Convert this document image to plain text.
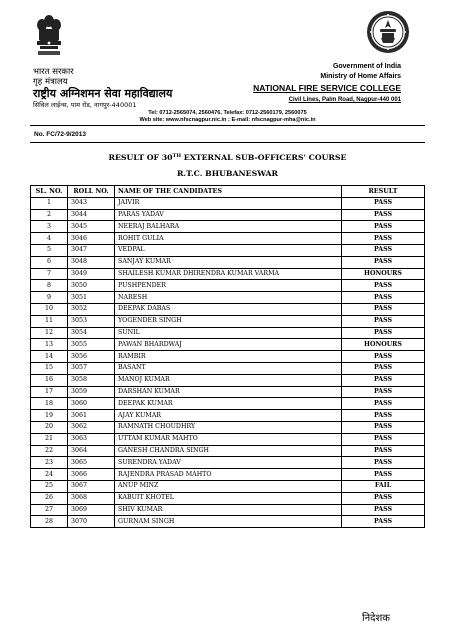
भारत सरकार
गृह मंत्रालय
राष्ट्रीय अग्निशमन सेवा महाविद्यालय
सिविल लाईन्स, पाम रोड, नागपुर-440001
Government of India
Ministry of Home Affairs
NATIONAL FIRE SERVICE COLLEGE
Civil Lines, Palm Road, Nagpur-440 001
Tel: 0712-2565074, 2560476, Telefax: 0712-2560179, 2560075
Web site: www.nfscnagpur.nic.in ; E-mail: nfscnagpur-mha@nic.in
No. FC/72-9/2013
RESULT OF 30TH EXTERNAL SUB-OFFICERS' COURSE
R.T.C. BHUBANESWAR
SL. NO.	ROLL NO.	NAME OF THE CANDIDATES	RESULT
1	3043	JAIVIR	PASS
2	3044	PARAS YADAV	PASS
3	3045	NEERAJ BALHARA	PASS
4	3046	ROHIT GULIA	PASS
5	3047	VEDPAL	PASS
6	3048	SANJAY KUMAR	PASS
7	3049	SHAILESH KUMAR DHIRENDRA KUMAR VARMA	HONOURS
8	3050	PUSHPENDER	PASS
9	3051	NARESH	PASS
10	3052	DEEPAK DABAS	PASS
11	3053	YOGENDER SINGH	PASS
12	3054	SUNIL	PASS
13	3055	PAWAN BHARDWAJ	HONOURS
14	3056	RAMBIR	PASS
15	3057	BASANT	PASS
16	3058	MANOJ KUMAR	PASS
17	3059	DARSHAN KUMAR	PASS
18	3060	DEEPAK KUMAR	PASS
19	3061	AJAY KUMAR	PASS
20	3062	RAMNATH CHOUDHRY	PASS
21	3063	UTTAM KUMAR MAHTO	PASS
22	3064	GANESH CHANDRA SINGH	PASS
23	3065	SURENDRA YADAV	PASS
24	3066	RAJENDRA PRASAD MAHTO	PASS
25	3067	ANUP MINZ	FAIL
26	3068	KABUIT KHOTEL	PASS
27	3069	SHIV KUMAR	PASS
28	3070	GURNAM SINGH	PASS
निदेशक
